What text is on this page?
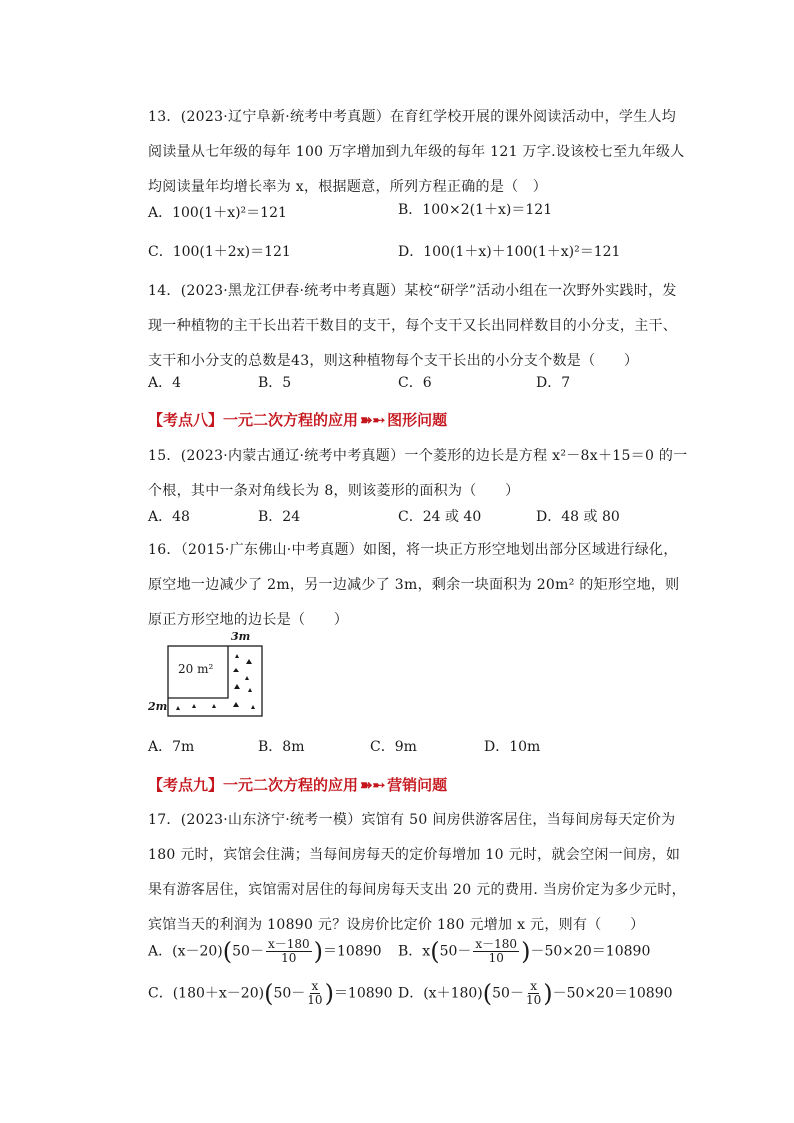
13．(2023·辽宁阜新·统考中考真题）在育红学校开展的课外阅读活动中，学生人均阅读量从七年级的每年 100 万字增加到九年级的每年 121 万字.设该校七至九年级人均阅读量年均增长率为 x，根据题意，所列方程正确的是（　）
A．100(1＋x)²＝121	B．100×2(1＋x)＝121
C．100(1＋2x)＝121	D．100(1＋x)＋100(1＋x)²＝121
14．(2023·黑龙江伊春·统考中考真题）某校“研学”活动小组在一次野外实践时，发现一种植物的主干长出若干数目的支干，每个支干又长出同样数目的小分支，主干、支干和小分支的总数是43，则这种植物每个支干长出的小分支个数是（　　）
A．4	B．5	C．6	D．7
【考点八】一元二次方程的应用 ➽➸ 图形问题
15．(2023·内蒙古通辽·统考中考真题）一个菱形的边长是方程 x²－8x＋15＝0 的一个根，其中一条对角线长为 8，则该菱形的面积为（　　）
A．48	B．24	C．24 或 40	D．48 或 80
16．（2015·广东佛山·中考真题）如图，将一块正方形空地划出部分区域进行绿化，原空地一边减少了 2m，另一边减少了 3m，剩余一块面积为 20m² 的矩形空地，则原正方形空地的边长是（　　）
3m
20 m²
2m
A．7m	B．8m	C．9m	D．10m
【考点九】一元二次方程的应用 ➽➸ 营销问题
17．(2023·山东济宁·统考一模）宾馆有 50 间房供游客居住，当每间房每天定价为 180 元时，宾馆会住满；当每间房每天的定价每增加 10 元时，就会空闲一间房，如果有游客居住，宾馆需对居住的每间房每天支出 20 元的费用. 当房价定为多少元时，宾馆当天的利润为 10890 元？设房价比定价 180 元增加 x 元，则有（　　）
A．$(x-20)(50- \frac{x-180}{10} )=10890$ B．$x(50- \frac{x-180}{10} )-50\times 20=10890$
C．$(180+x-20)(50- \frac{x}{10} )=10890$ D．$(x+180)(50- \frac{x}{10} )-50\times 20=10890$
